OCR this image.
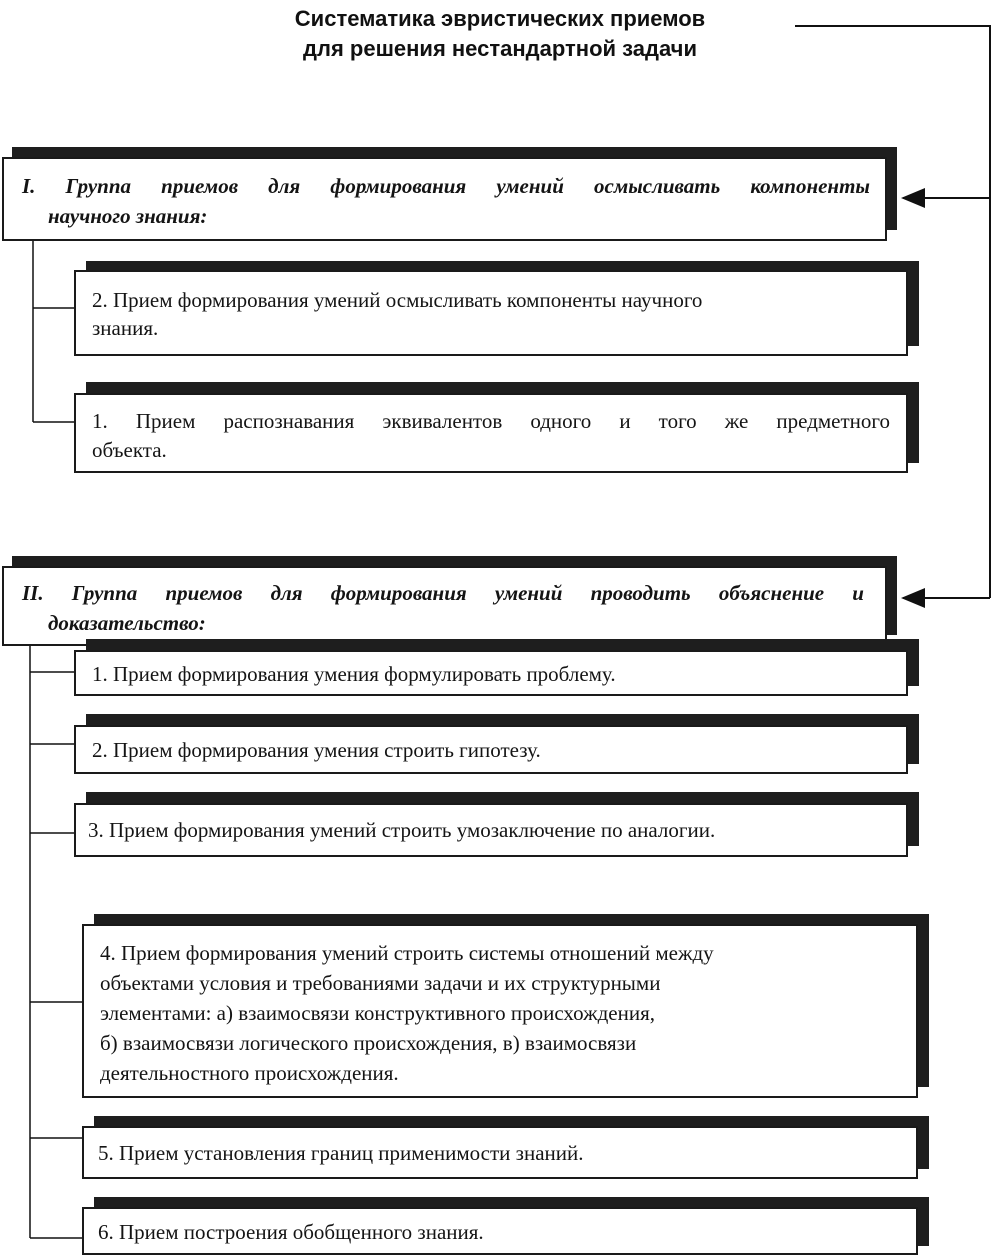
Систематика эвристических приемов
для решения нестандартной задачи
I. Группа приемов для формирования умений осмысливать компоненты
научного знания:
2. Прием формирования умений осмысливать компоненты научного
знания.
1. Прием распознавания эквивалентов одного и того же предметного
объекта.
II. Группа приемов для формирования умений проводить объяснение и
доказательство:
1. Прием формирования умения формулировать проблему.
2. Прием формирования умения строить гипотезу.
3. Прием формирования умений строить умозаключение по аналогии.
4. Прием формирования умений строить системы отношений между
объектами условия и требованиями задачи и их структурными
элементами: а) взаимосвязи конструктивного происхождения,
б) взаимосвязи логического происхождения, в) взаимосвязи
деятельностного происхождения.
5. Прием установления границ применимости знаний.
6. Прием построения обобщенного знания.
